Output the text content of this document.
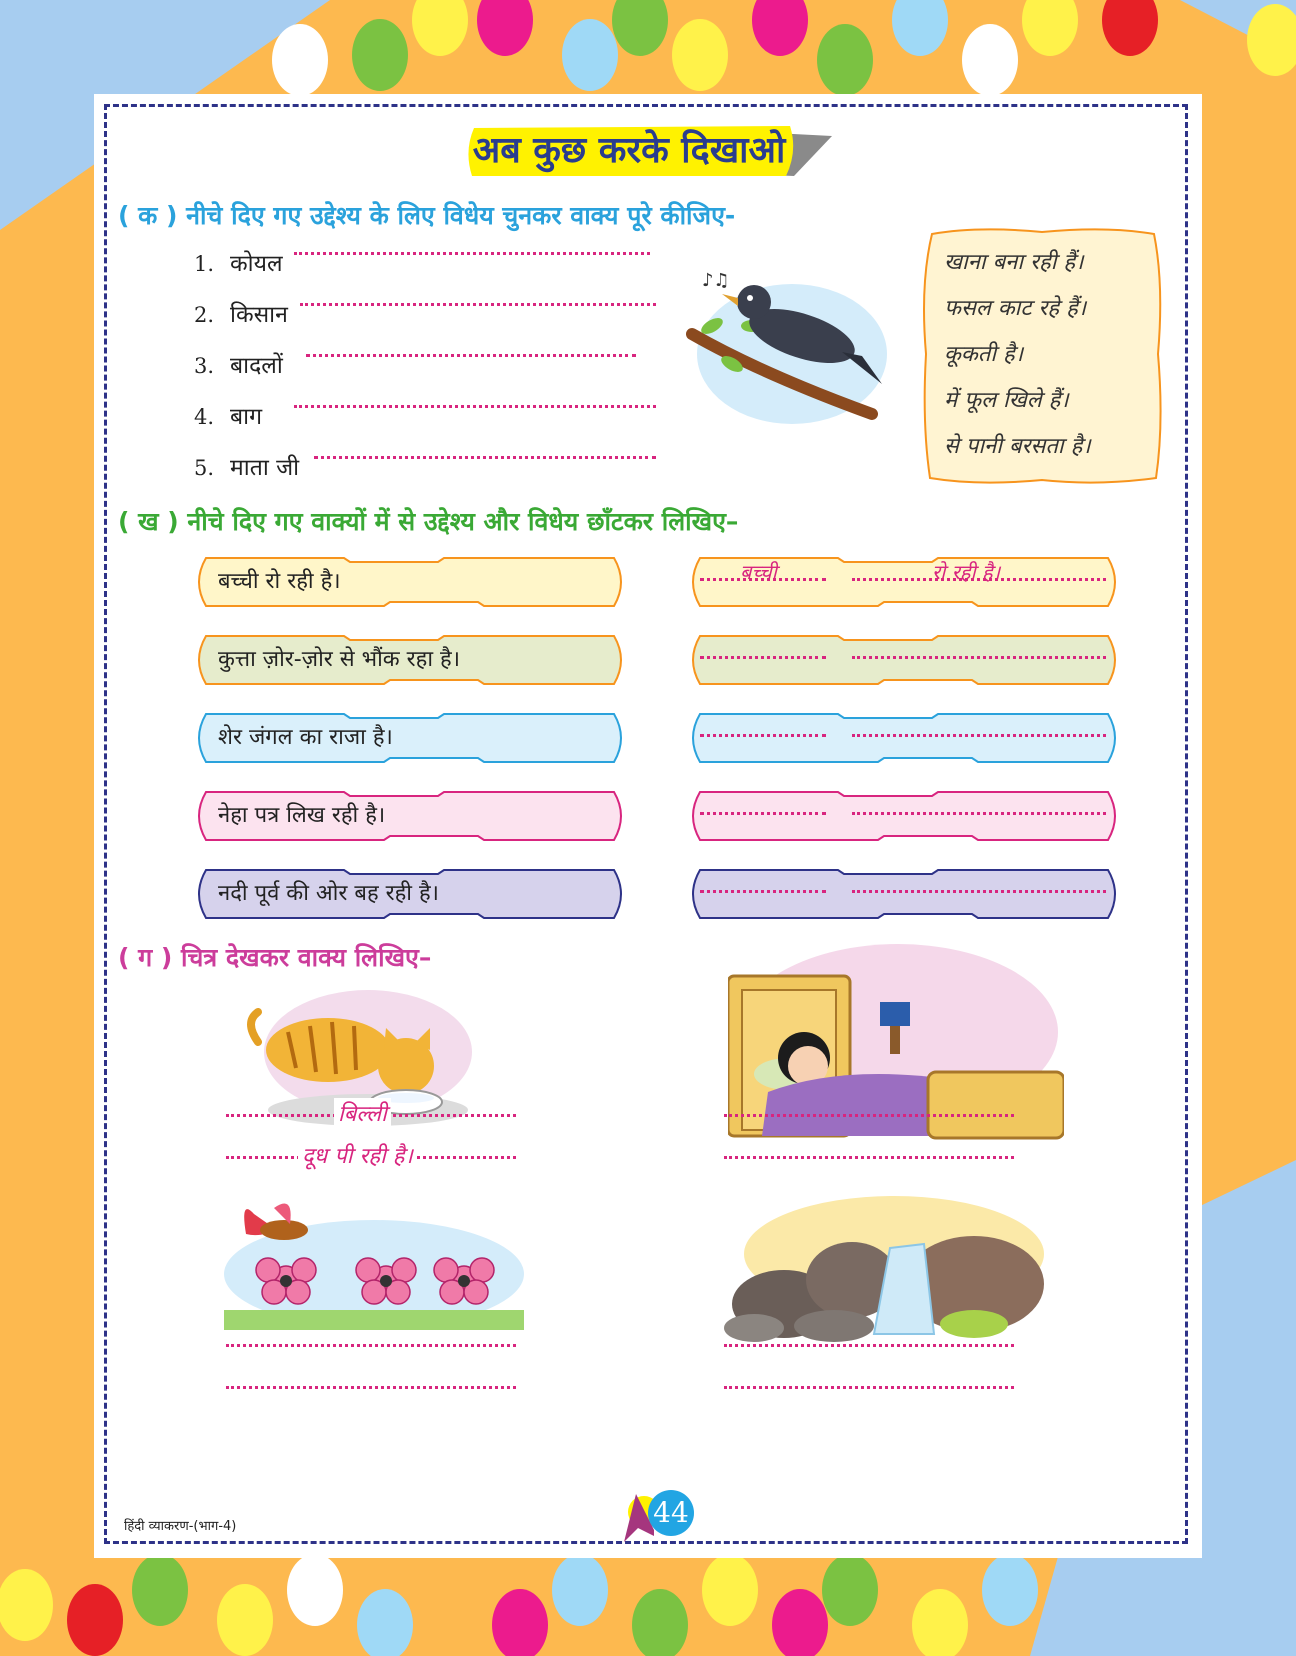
अब कुछ करके दिखाओ
( क ) नीचे दिए गए उद्देश्य के लिए विधेय चुनकर वाक्य पूरे कीजिए-
1. कोयल
2. किसान
3. बादलों
4. बाग
5. माता जी
♪♫
खाना बना रही हैं।
फसल काट रहे हैं।
कूकती है।
में फूल खिले हैं।
से पानी बरसता है।
( ख ) नीचे दिए गए वाक्यों में से उद्देश्य और विधेय छाँटकर लिखिए–
बच्ची रो रही है।	बच्ची	रो रही है।
कुत्ता ज़ोर-ज़ोर से भौंक रहा है।
शेर जंगल का राजा है।
नेहा पत्र लिख रही है।
नदी पूर्व की ओर बह रही है।
( ग ) चित्र देखकर वाक्य लिखिए–
बिल्ली
दूध पी रही है।
हिंदी व्याकरण-(भाग-4)	44
